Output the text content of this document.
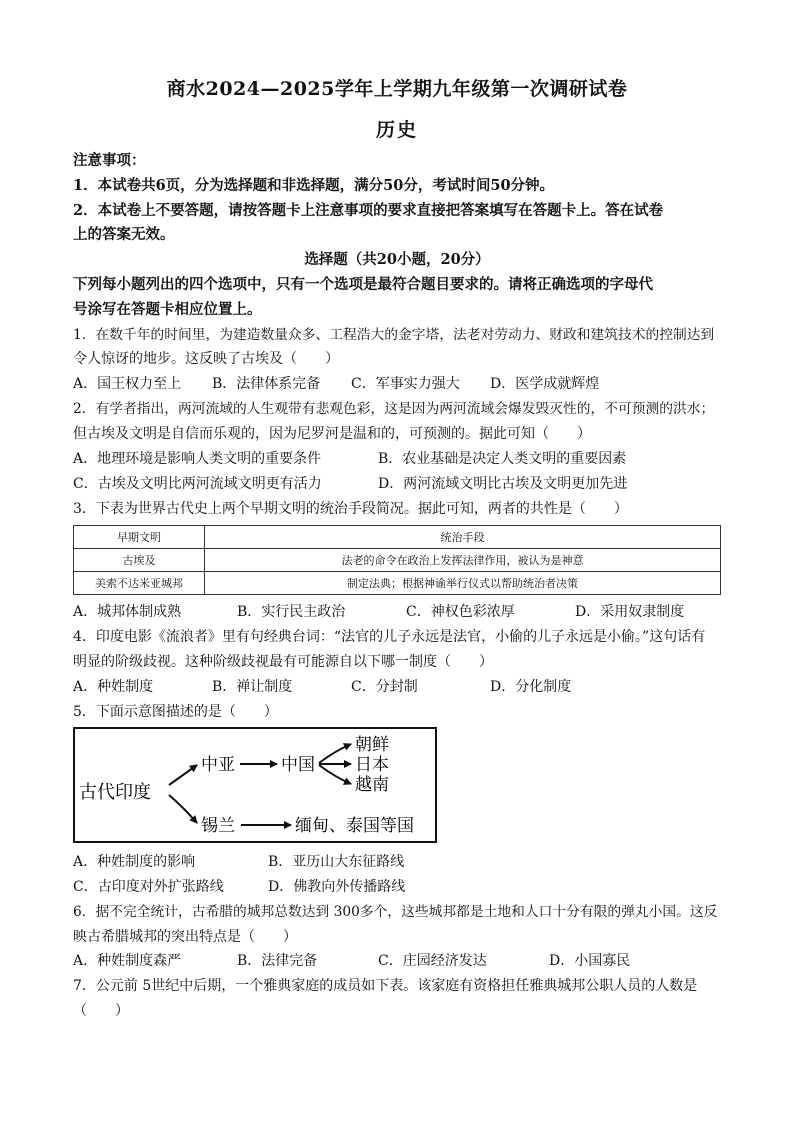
商水2024—2025学年上学期九年级第一次调研试卷
历史
注意事项：
1．本试卷共6页，分为选择题和非选择题，满分50分，考试时间50分钟。
2．本试卷上不要答题，请按答题卡上注意事项的要求直接把答案填写在答题卡上。答在试卷
上的答案无效。
选择题（共20小题，20分）
下列每小题列出的四个选项中，只有一个选项是最符合题目要求的。请将正确选项的字母代
号涂写在答题卡相应位置上。
1．在数千年的时间里，为建造数量众多、工程浩大的金字塔，法老对劳动力、财政和建筑技术的控制达到
令人惊讶的地步。这反映了古埃及（　　）
A．国王权力至上 B．法律体系完备 C．军事实力强大 D．医学成就辉煌
2．有学者指出，两河流域的人生观带有悲观色彩，这是因为两河流域会爆发毁灭性的，不可预测的洪水；
但古埃及文明是自信而乐观的，因为尼罗河是温和的，可预测的。据此可知（　　）
A．地理环境是影响人类文明的重要条件	B．农业基础是决定人类文明的重要因素
C．古埃及文明比两河流域文明更有活力	D．两河流域文明比古埃及文明更加先进
3．下表为世界古代史上两个早期文明的统治手段简况。据此可知，两者的共性是（　　）
早期文明	统治手段
古埃及	法老的命令在政治上发挥法律作用，被认为是神意
美索不达米亚城邦	制定法典；根据神谕举行仪式以帮助统治者决策
A．城邦体制成熟	B．实行民主政治	C．神权色彩浓厚	D．采用奴隶制度
4．印度电影《流浪者》里有句经典台词：“法官的儿子永远是法官，小偷的儿子永远是小偷。”这句话有
明显的阶级歧视。这种阶级歧视最有可能源自以下哪一制度（　　）
A．种姓制度	B．禅让制度	C．分封制	D．分化制度
5．下面示意图描述的是（　　）
古代印度
中亚	中国
朝鲜
日本
越南
锡兰	缅甸、泰国等国
A．种姓制度的影响	B．亚历山大东征路线
C．古印度对外扩张路线	D．佛教向外传播路线
6．据不完全统计，古希腊的城邦总数达到 300多个，这些城邦都是土地和人口十分有限的弹丸小国。这反
映古希腊城邦的突出特点是（　　）
A．种姓制度森严	B．法律完备	C．庄园经济发达	D．小国寡民
7．公元前 5世纪中后期，一个雅典家庭的成员如下表。该家庭有资格担任雅典城邦公职人员的人数是
（　　）
